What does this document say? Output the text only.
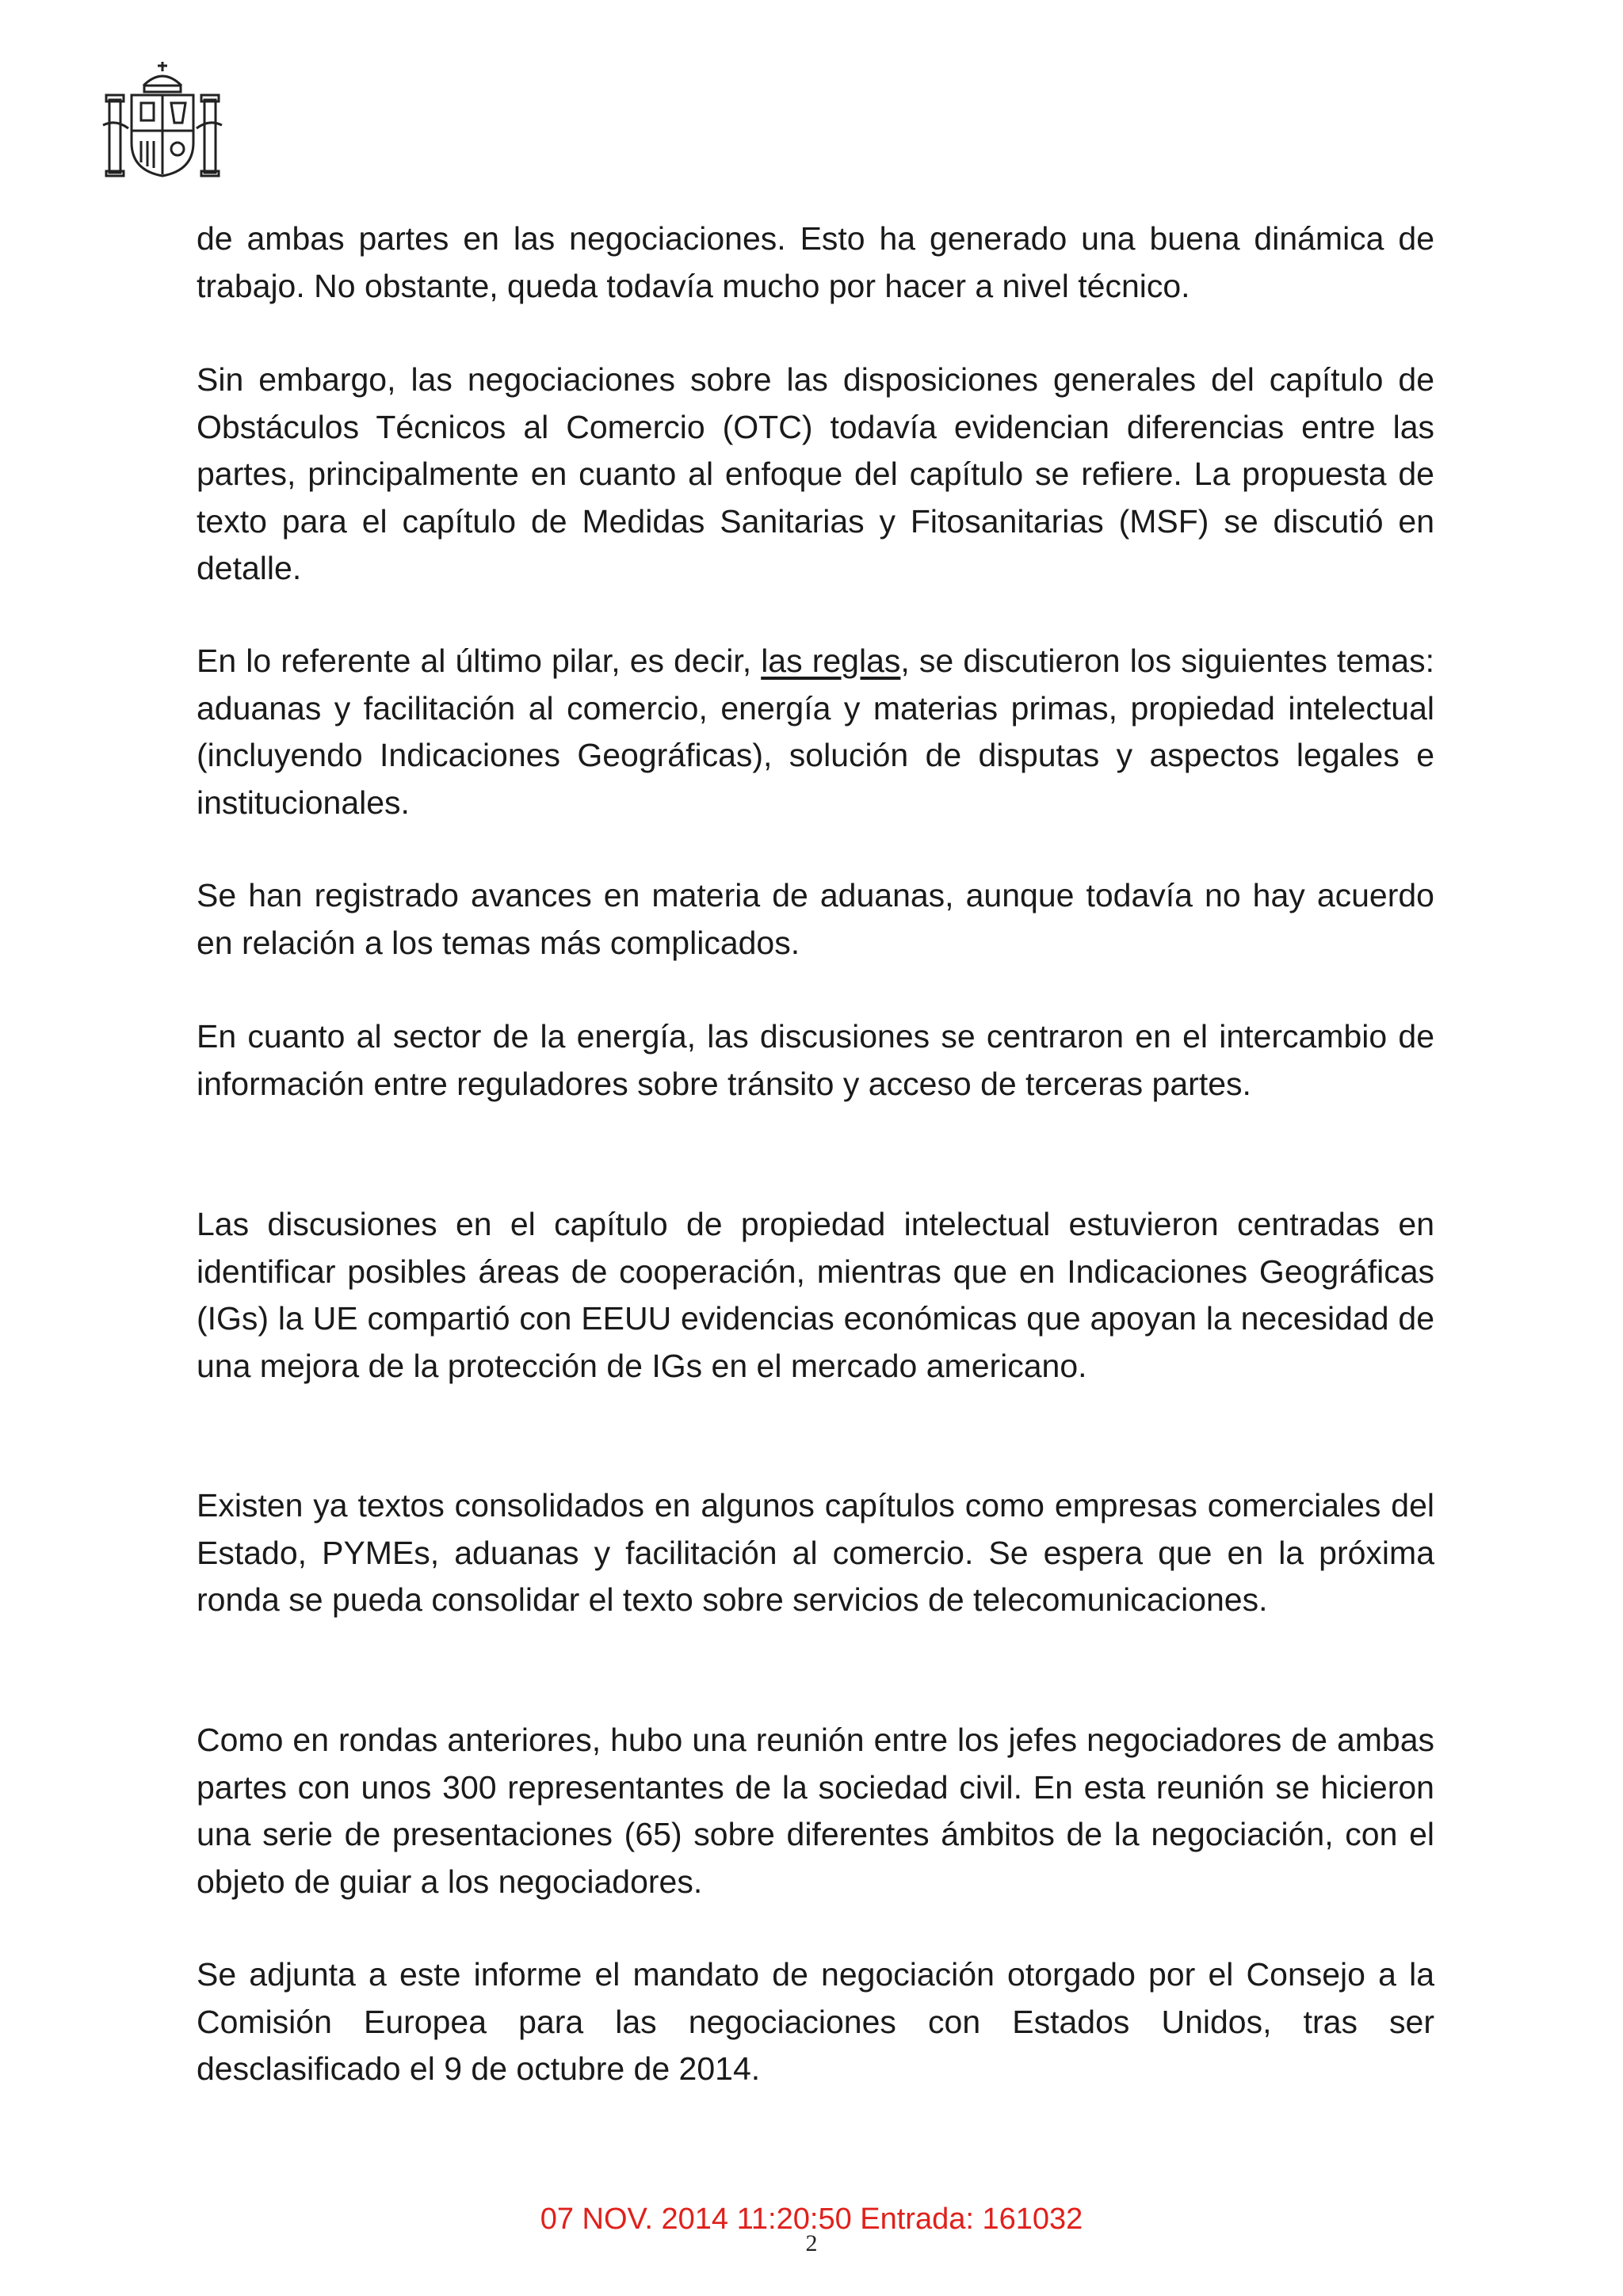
de ambas partes en las negociaciones. Esto ha generado una buena dinámica de trabajo. No obstante, queda todavía mucho por hacer a nivel técnico.

Sin embargo, las negociaciones sobre las disposiciones generales del capítulo de Obstáculos Técnicos al Comercio (OTC) todavía evidencian diferencias entre las partes, principalmente en cuanto al enfoque del capítulo se refiere. La propuesta de texto para el capítulo de Medidas Sanitarias y Fitosanitarias (MSF) se discutió en detalle.

En lo referente al último pilar, es decir, las reglas, se discutieron los siguientes temas: aduanas y facilitación al comercio, energía y materias primas, propiedad intelectual (incluyendo Indicaciones Geográficas), solución de disputas y aspectos legales e institucionales.

Se han registrado avances en materia de aduanas, aunque todavía no hay acuerdo en relación a los temas más complicados.

En cuanto al sector de la energía, las discusiones se centraron en el intercambio de información entre reguladores sobre tránsito y acceso de terceras partes.

Las discusiones en el capítulo de propiedad intelectual estuvieron centradas en identificar posibles áreas de cooperación, mientras que en Indicaciones Geográficas (IGs) la UE compartió con EEUU evidencias económicas que apoyan la necesidad de una mejora de la protección de IGs en el mercado americano.

Existen ya textos consolidados en algunos capítulos como empresas comerciales del Estado, PYMEs, aduanas y facilitación al comercio. Se espera que en la próxima ronda se pueda consolidar el texto sobre servicios de telecomunicaciones.

Como en rondas anteriores, hubo una reunión entre los jefes negociadores de ambas partes con unos 300 representantes de la sociedad civil. En esta reunión se hicieron una serie de presentaciones (65) sobre diferentes ámbitos de la negociación, con el objeto de guiar a los negociadores.

Se adjunta a este informe el mandato de negociación otorgado por el Consejo a la Comisión Europea para las negociaciones con Estados Unidos, tras ser desclasificado el 9 de octubre de 2014.

07 NOV. 2014 11:20:50 Entrada: 161032
2
